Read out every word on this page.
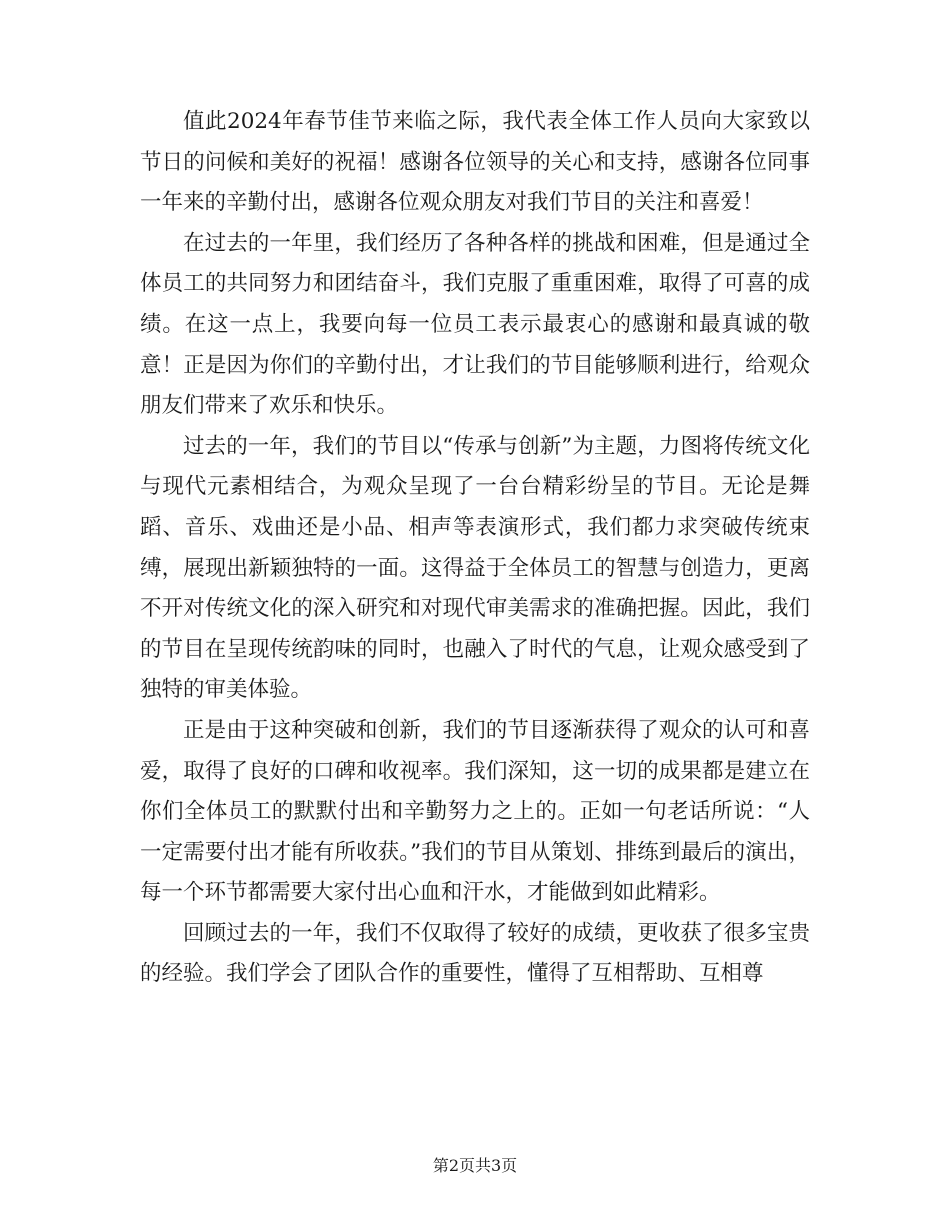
值此2024年春节佳节来临之际，我代表全体工作人员向大家致以节日的问候和美好的祝福！感谢各位领导的关心和支持，感谢各位同事一年来的辛勤付出，感谢各位观众朋友对我们节目的关注和喜爱！

在过去的一年里，我们经历了各种各样的挑战和困难，但是通过全体员工的共同努力和团结奋斗，我们克服了重重困难，取得了可喜的成绩。在这一点上，我要向每一位员工表示最衷心的感谢和最真诚的敬意！正是因为你们的辛勤付出，才让我们的节目能够顺利进行，给观众朋友们带来了欢乐和快乐。

过去的一年，我们的节目以“传承与创新”为主题，力图将传统文化与现代元素相结合，为观众呈现了一台台精彩纷呈的节目。无论是舞蹈、音乐、戏曲还是小品、相声等表演形式，我们都力求突破传统束缚，展现出新颖独特的一面。这得益于全体员工的智慧与创造力，更离不开对传统文化的深入研究和对现代审美需求的准确把握。因此，我们的节目在呈现传统韵味的同时，也融入了时代的气息，让观众感受到了独特的审美体验。

正是由于这种突破和创新，我们的节目逐渐获得了观众的认可和喜爱，取得了良好的口碑和收视率。我们深知，这一切的成果都是建立在你们全体员工的默默付出和辛勤努力之上的。正如一句老话所说：“人一定需要付出才能有所收获。”我们的节目从策划、排练到最后的演出，每一个环节都需要大家付出心血和汗水，才能做到如此精彩。

回顾过去的一年，我们不仅取得了较好的成绩，更收获了很多宝贵的经验。我们学会了团队合作的重要性，懂得了互相帮助、互相尊

第2页共3页
